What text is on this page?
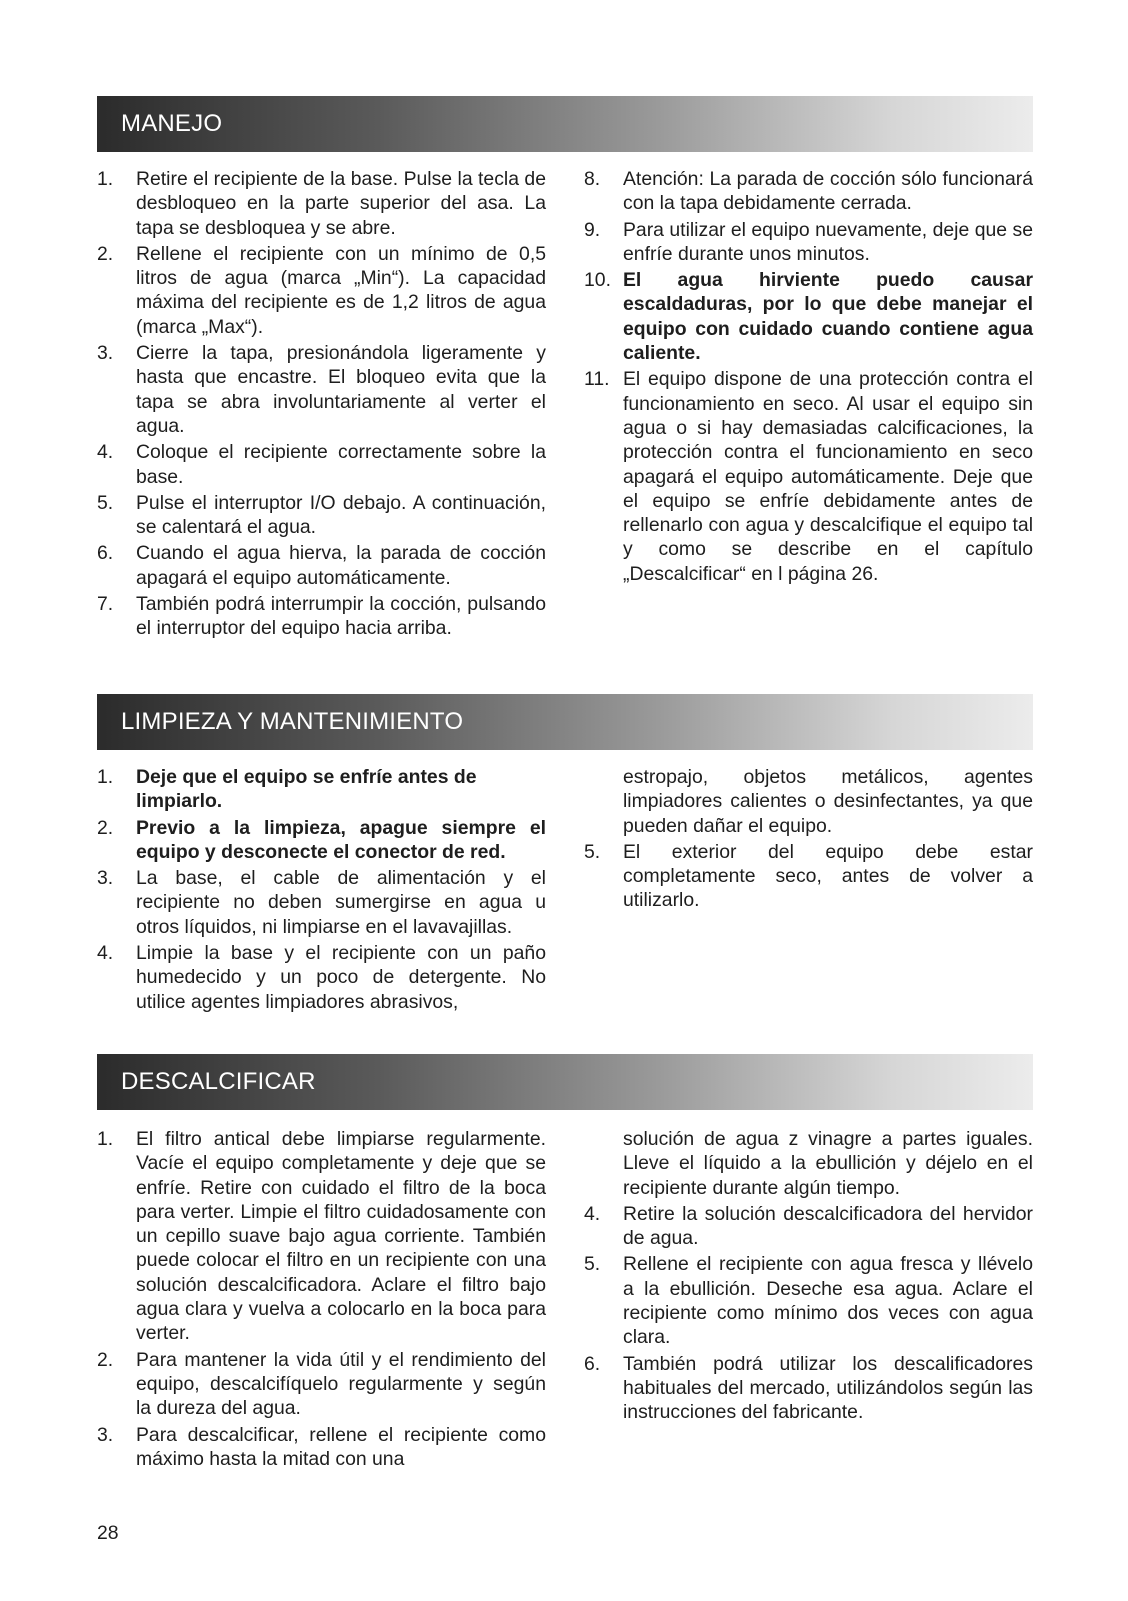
MANEJO
1.	Retire el recipiente de la base. Pulse la tecla de desbloqueo en la parte superior del asa. La tapa se desbloquea y se abre.
2.	Rellene el recipiente con un mínimo de 0,5 litros de agua (marca „Min“). La capacidad máxima del recipiente es de 1,2 litros de agua (marca „Max“).
3.	Cierre la tapa, presionándola ligeramente y hasta que encastre. El bloqueo evita que la tapa se abra involuntariamente al verter el agua.
4.	Coloque el recipiente correctamente sobre la base.
5.	Pulse el interruptor I/O debajo. A continuación, se calentará el agua.
6.	Cuando el agua hierva, la parada de cocción apagará el equipo automáticamente.
7.	También podrá interrumpir la cocción, pulsando el interruptor del equipo hacia arriba.
8.	Atención: La parada de cocción sólo funcionará con la tapa debidamente cerrada.
9.	Para utilizar el equipo nuevamente, deje que se enfríe durante unos minutos.
10. El agua hirviente puedo causar escaldaduras, por lo que debe manejar el equipo con cuidado cuando contiene agua caliente.
11. El equipo dispone de una protección contra el funcionamiento en seco. Al usar el equipo sin agua o si hay demasiadas calcificaciones, la protección contra el funcionamiento en seco apagará el equipo automáticamente. Deje que el equipo se enfríe debidamente antes de rellenarlo con agua y descalcifique el equipo tal y como se describe en el capítulo „Descalcificar“ en l página 26.
LIMPIEZA Y MANTENIMIENTO
1.	Deje que el equipo se enfríe antes de limpiarlo.
2.	Previo a la limpieza, apague siempre el equipo y desconecte el conector de red.
3.	La base, el cable de alimentación y el recipiente no deben sumergirse en agua u otros líquidos, ni limpiarse en el lavavajillas.
4.	Limpie la base y el recipiente con un paño humedecido y un poco de detergente. No utilice agentes limpiadores abrasivos,
estropajo, objetos metálicos, agentes limpiadores calientes o desinfectantes, ya que pueden dañar el equipo.
5.	El exterior del equipo debe estar completamente seco, antes de volver a utilizarlo.
DESCALCIFICAR
1.	El filtro antical debe limpiarse regularmente. Vacíe el equipo completamente y deje que se enfríe. Retire con cuidado el filtro de la boca para verter. Limpie el filtro cuidadosamente con un cepillo suave bajo agua corriente. También puede colocar el filtro en un recipiente con una solución descalcificadora. Aclare el filtro bajo agua clara y vuelva a colocarlo en la boca para verter.
2.	Para mantener la vida útil y el rendimiento del equipo, descalcifíquelo regularmente y según la dureza del agua.
3.	Para descalcificar, rellene el recipiente como máximo hasta la mitad con una
solución de agua z vinagre a partes iguales. Lleve el líquido a la ebullición y déjelo en el recipiente durante algún tiempo.
4.	Retire la solución descalcificadora del hervidor de agua.
5.	Rellene el recipiente con agua fresca y llévelo a la ebullición. Deseche esa agua. Aclare el recipiente como mínimo dos veces con agua clara.
6.	También podrá utilizar los descalificadores habituales del mercado, utilizándolos según las instrucciones del fabricante.
28
